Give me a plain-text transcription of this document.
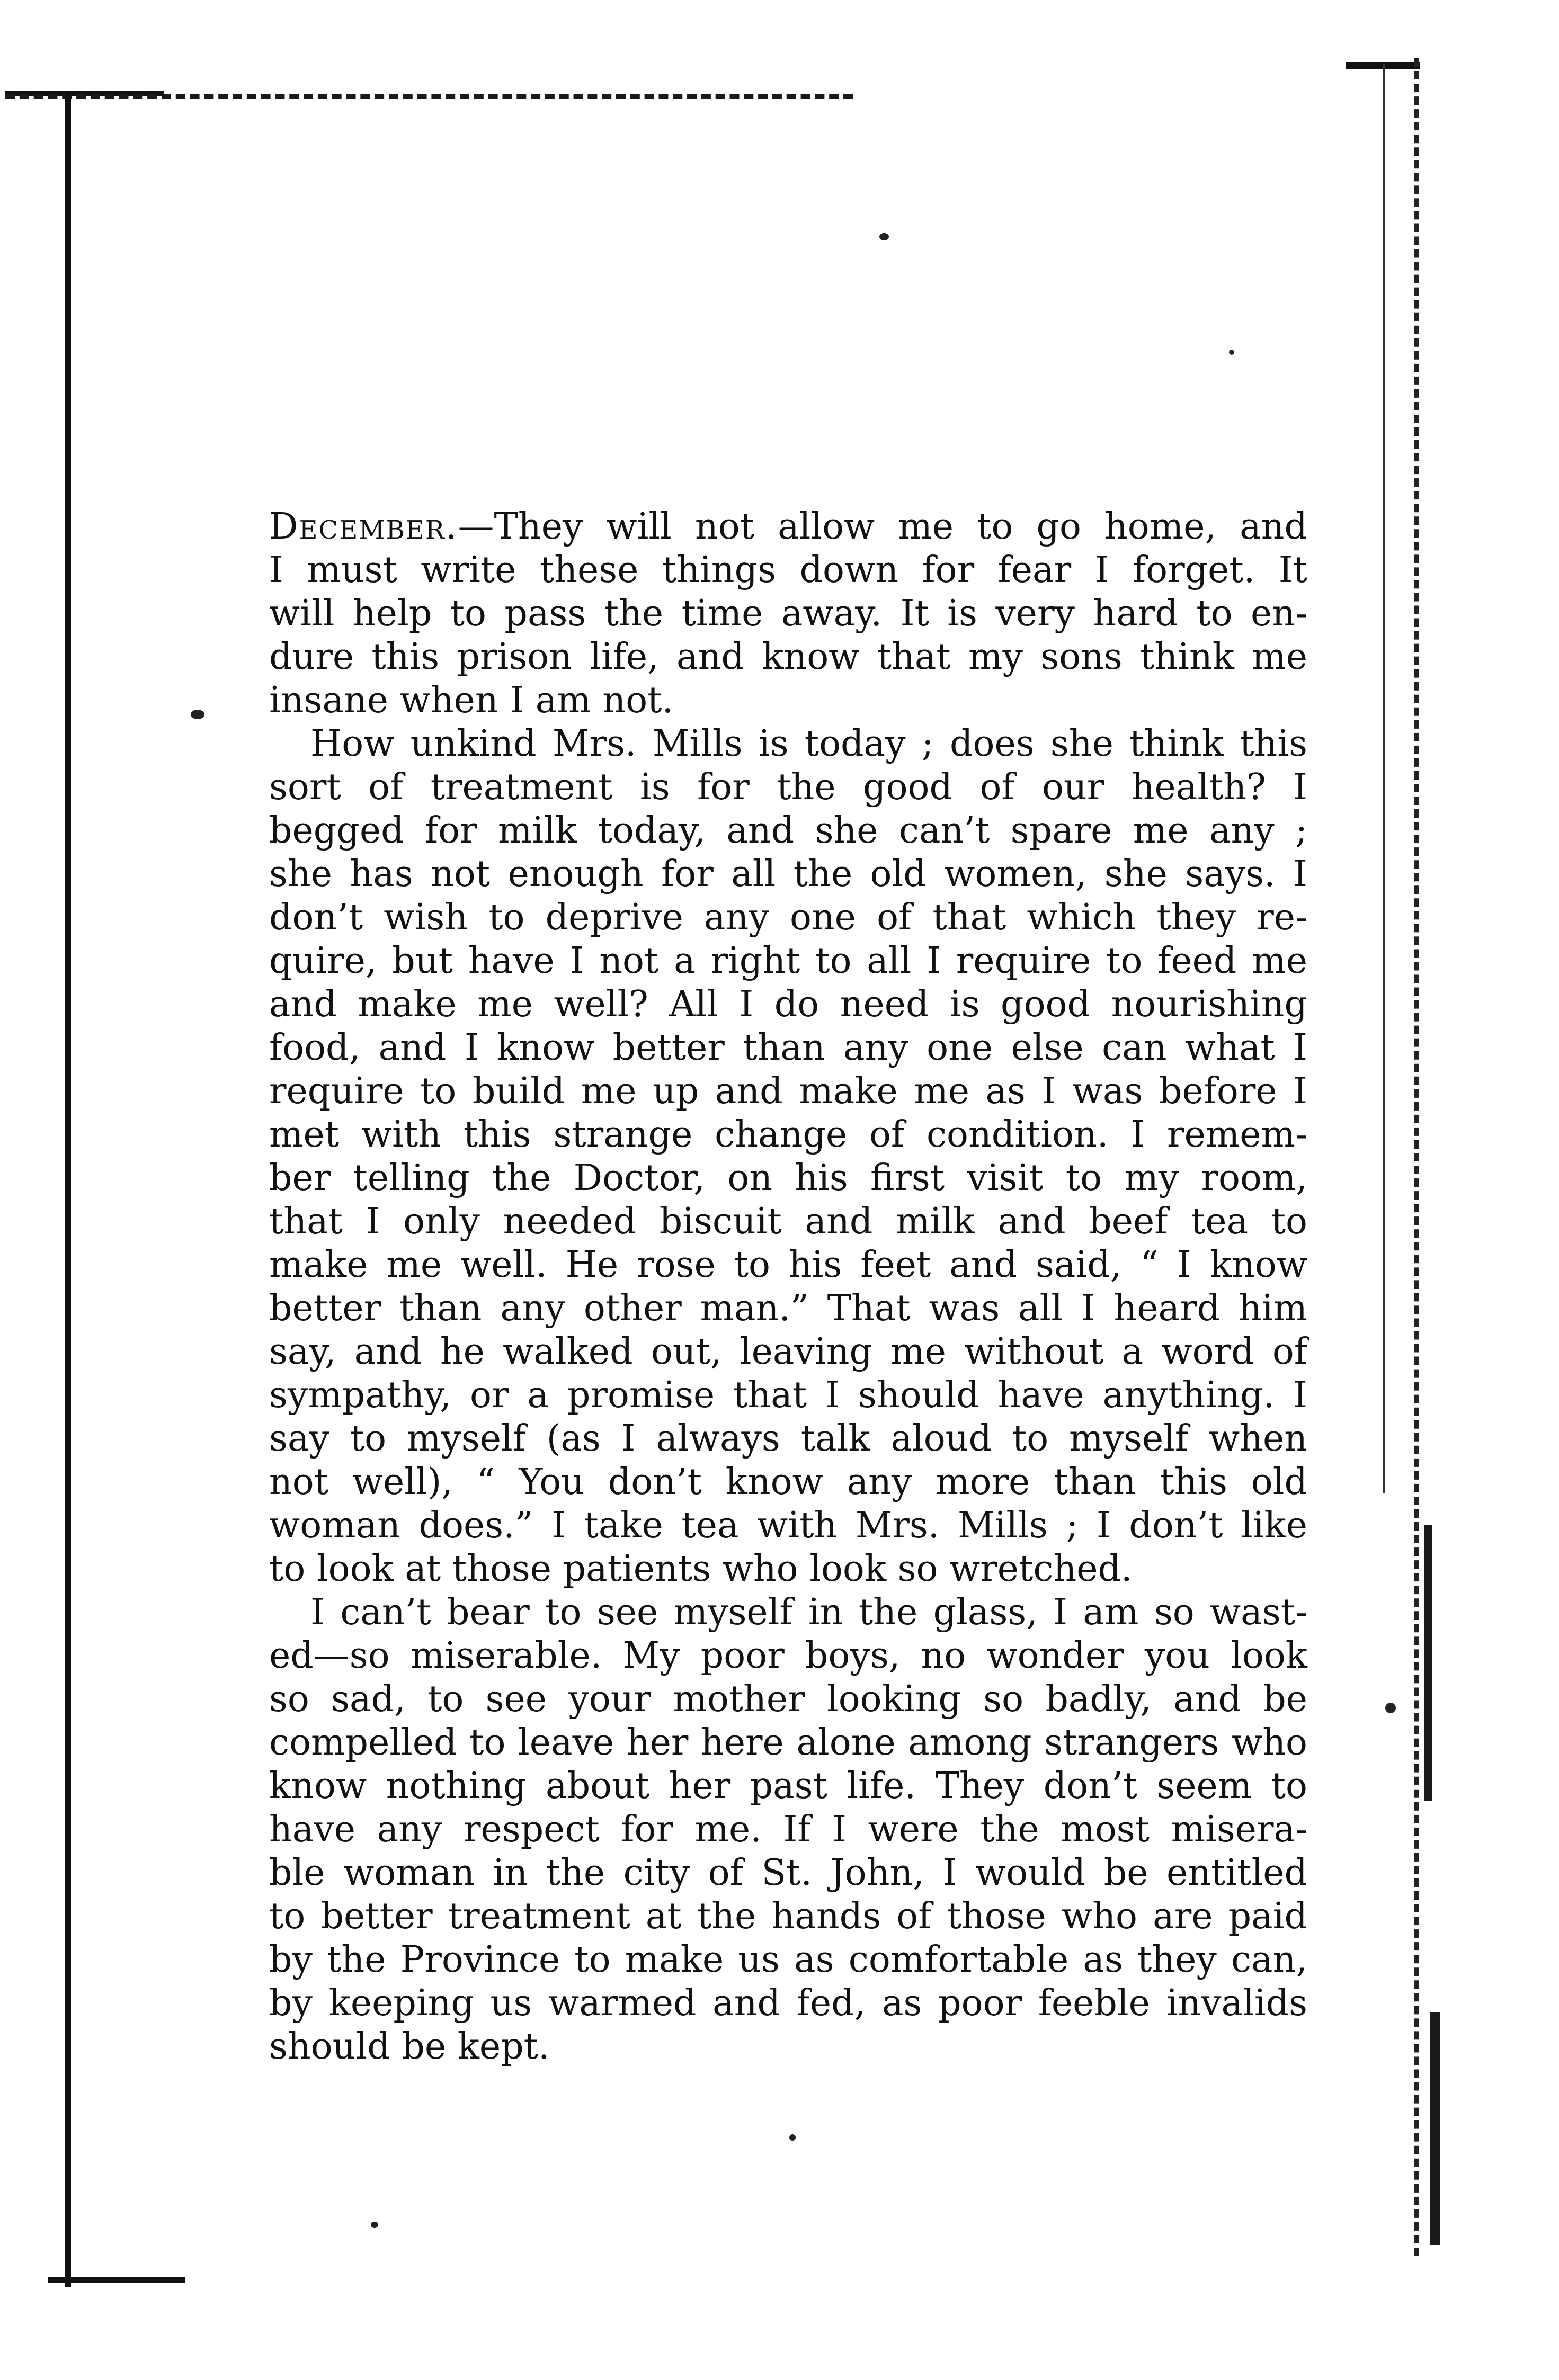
December.—They will not allow me to go home, and
I must write these things down for fear I forget. It
will help to pass the time away. It is very hard to en-
dure this prison life, and know that my sons think me
insane when I am not.
How unkind Mrs. Mills is today ; does she think this
sort of treatment is for the good of our health? I
begged for milk today, and she can’t spare me any ;
she has not enough for all the old women, she says. I
don’t wish to deprive any one of that which they re-
quire, but have I not a right to all I require to feed me
and make me well? All I do need is good nourishing
food, and I know better than any one else can what I
require to build me up and make me as I was before I
met with this strange change of condition. I remem-
ber telling the Doctor, on his first visit to my room,
that I only needed biscuit and milk and beef tea to
make me well. He rose to his feet and said, “ I know
better than any other man.” That was all I heard him
say, and he walked out, leaving me without a word of
sympathy, or a promise that I should have anything. I
say to myself (as I always talk aloud to myself when
not well), “ You don’t know any more than this old
woman does.” I take tea with Mrs. Mills ; I don’t like
to look at those patients who look so wretched.
I can’t bear to see myself in the glass, I am so wast-
ed—so miserable. My poor boys, no wonder you look
so sad, to see your mother looking so badly, and be
compelled to leave her here alone among strangers who
know nothing about her past life. They don’t seem to
have any respect for me. If I were the most misera-
ble woman in the city of St. John, I would be entitled
to better treatment at the hands of those who are paid
by the Province to make us as comfortable as they can,
by keeping us warmed and fed, as poor feeble invalids
should be kept.
